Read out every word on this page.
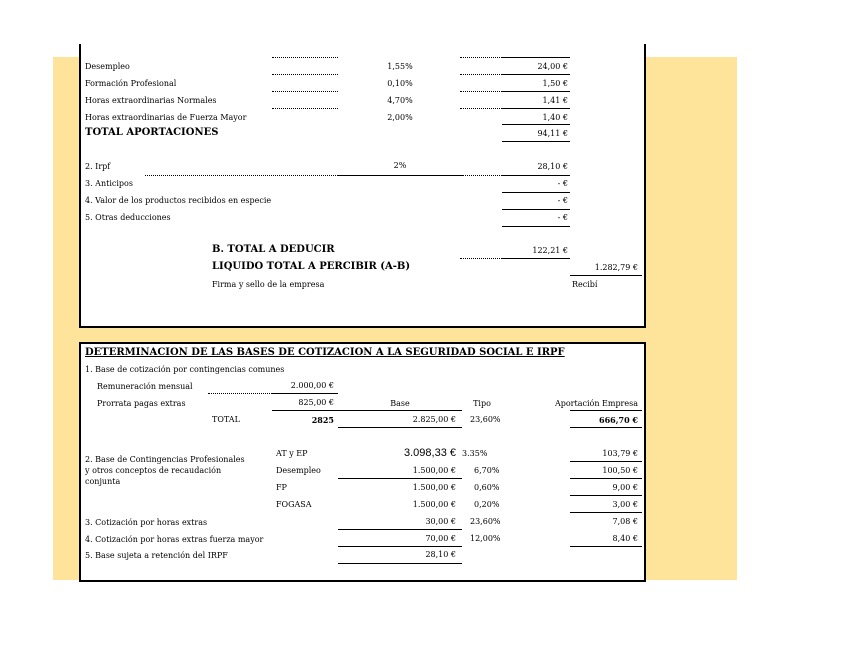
Desempleo	1,55%	24,00 €
Formación Profesional	0,10%	1,50 €
Horas extraordinarias Normales	4,70%	1,41 €
Horas extraordinarias de Fuerza Mayor	2,00%	1,40 €
TOTAL APORTACIONES	94,11 €
2. Irpf	2%	28,10 €
3. Anticipos	- €
4. Valor de los productos recibidos en especie	- €
5. Otras deducciones	- €
B. TOTAL A DEDUCIR	122,21 €
LIQUIDO TOTAL A PERCIBIR (A-B)	1.282,79 €
Firma y sello de la empresa	Recibí
DETERMINACION DE LAS BASES DE COTIZACION A LA SEGURIDAD SOCIAL E IRPF
1. Base de cotización por contingencias comunes
Remuneración mensual	2.000,00 €
Prorrata pagas extras	825,00 €	Base	Tipo	Aportación Empresa
TOTAL	2825	2.825,00 € 23,60%	666,70 €
2. Base de Contingencias Profesionales
y otros conceptos de recaudación
conjunta
AT y EP	3.098,33 € 3.35%	103,79 €
Desempleo	1.500,00 € 6,70%	100,50 €
FP	1.500,00 € 0,60%	9,00 €
FOGASA	1.500,00 € 0,20%	3,00 €
3. Cotización por horas extras	30,00 € 23,60%	7,08 €
4. Cotización por horas extras fuerza mayor	70,00 € 12,00%	8,40 €
5. Base sujeta a retención del IRPF	28,10 €
